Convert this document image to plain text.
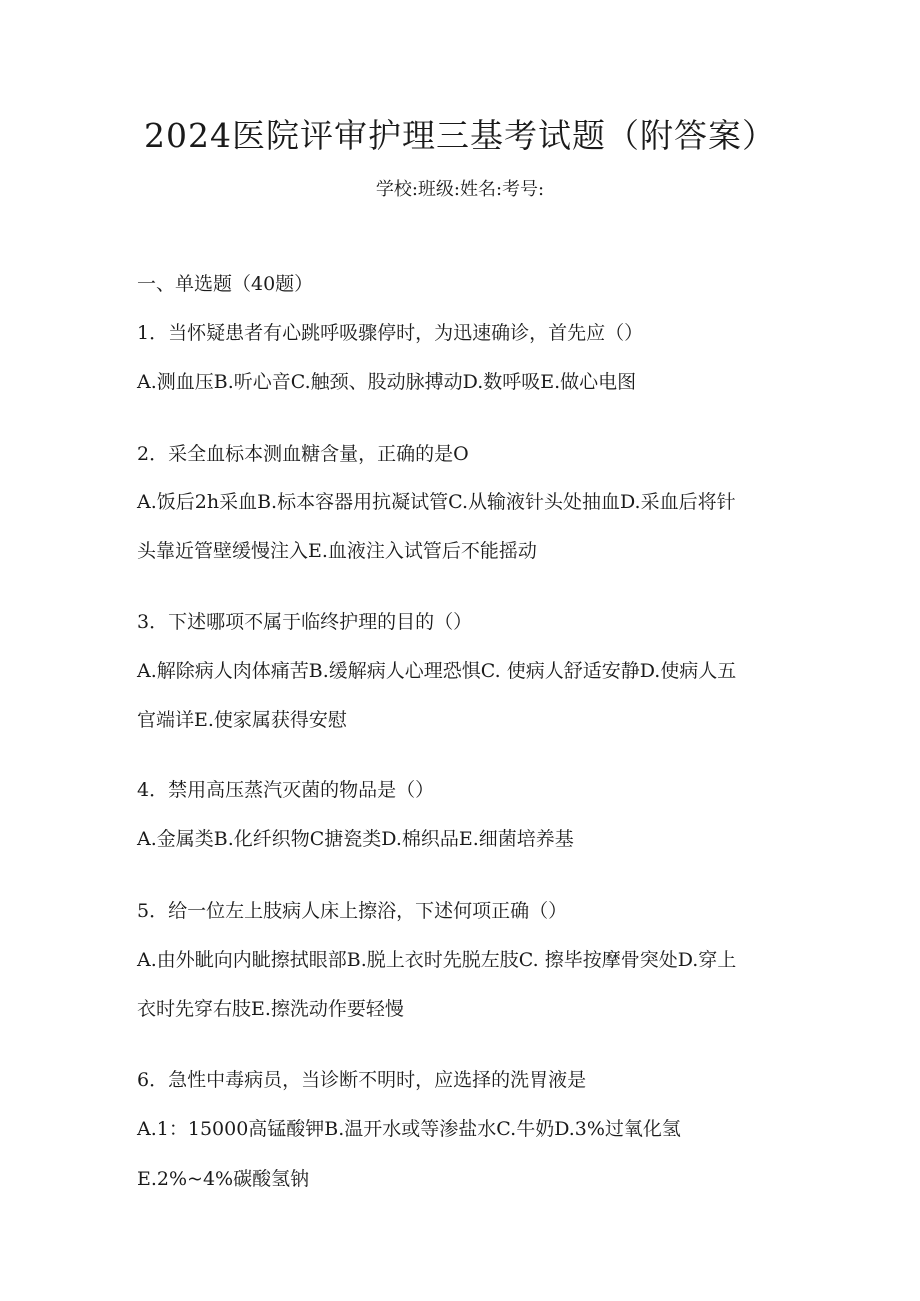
2024医院评审护理三基考试题（附答案）
学校:班级:姓名:考号:
一、单选题（40题）
1．当怀疑患者有心跳呼吸骤停时，为迅速确诊，首先应（）
A.测血压B.听心音C.触颈、股动脉搏动D.数呼吸E.做心电图
2．采全血标本测血糖含量，正确的是O
A.饭后2h采血B.标本容器用抗凝试管C.从输液针头处抽血D.采血后将针
头靠近管壁缓慢注入E.血液注入试管后不能摇动
3．下述哪项不属于临终护理的目的（）
A.解除病人肉体痛苦B.缓解病人心理恐惧C. 使病人舒适安静D.使病人五
官端详E.使家属获得安慰
4．禁用高压蒸汽灭菌的物品是（）
A.金属类B.化纤织物C搪瓷类D.棉织品E.细菌培养基
5．给一位左上肢病人床上擦浴，下述何项正确（）
A.由外眦向内眦擦拭眼部B.脱上衣时先脱左肢C. 擦毕按摩骨突处D.穿上
衣时先穿右肢E.擦洗动作要轻慢
6．急性中毒病员，当诊断不明时，应选择的洗胃液是
A.1：15000高锰酸钾B.温开水或等渗盐水C.牛奶D.3%过氧化氢
E.2%~4%碳酸氢钠
